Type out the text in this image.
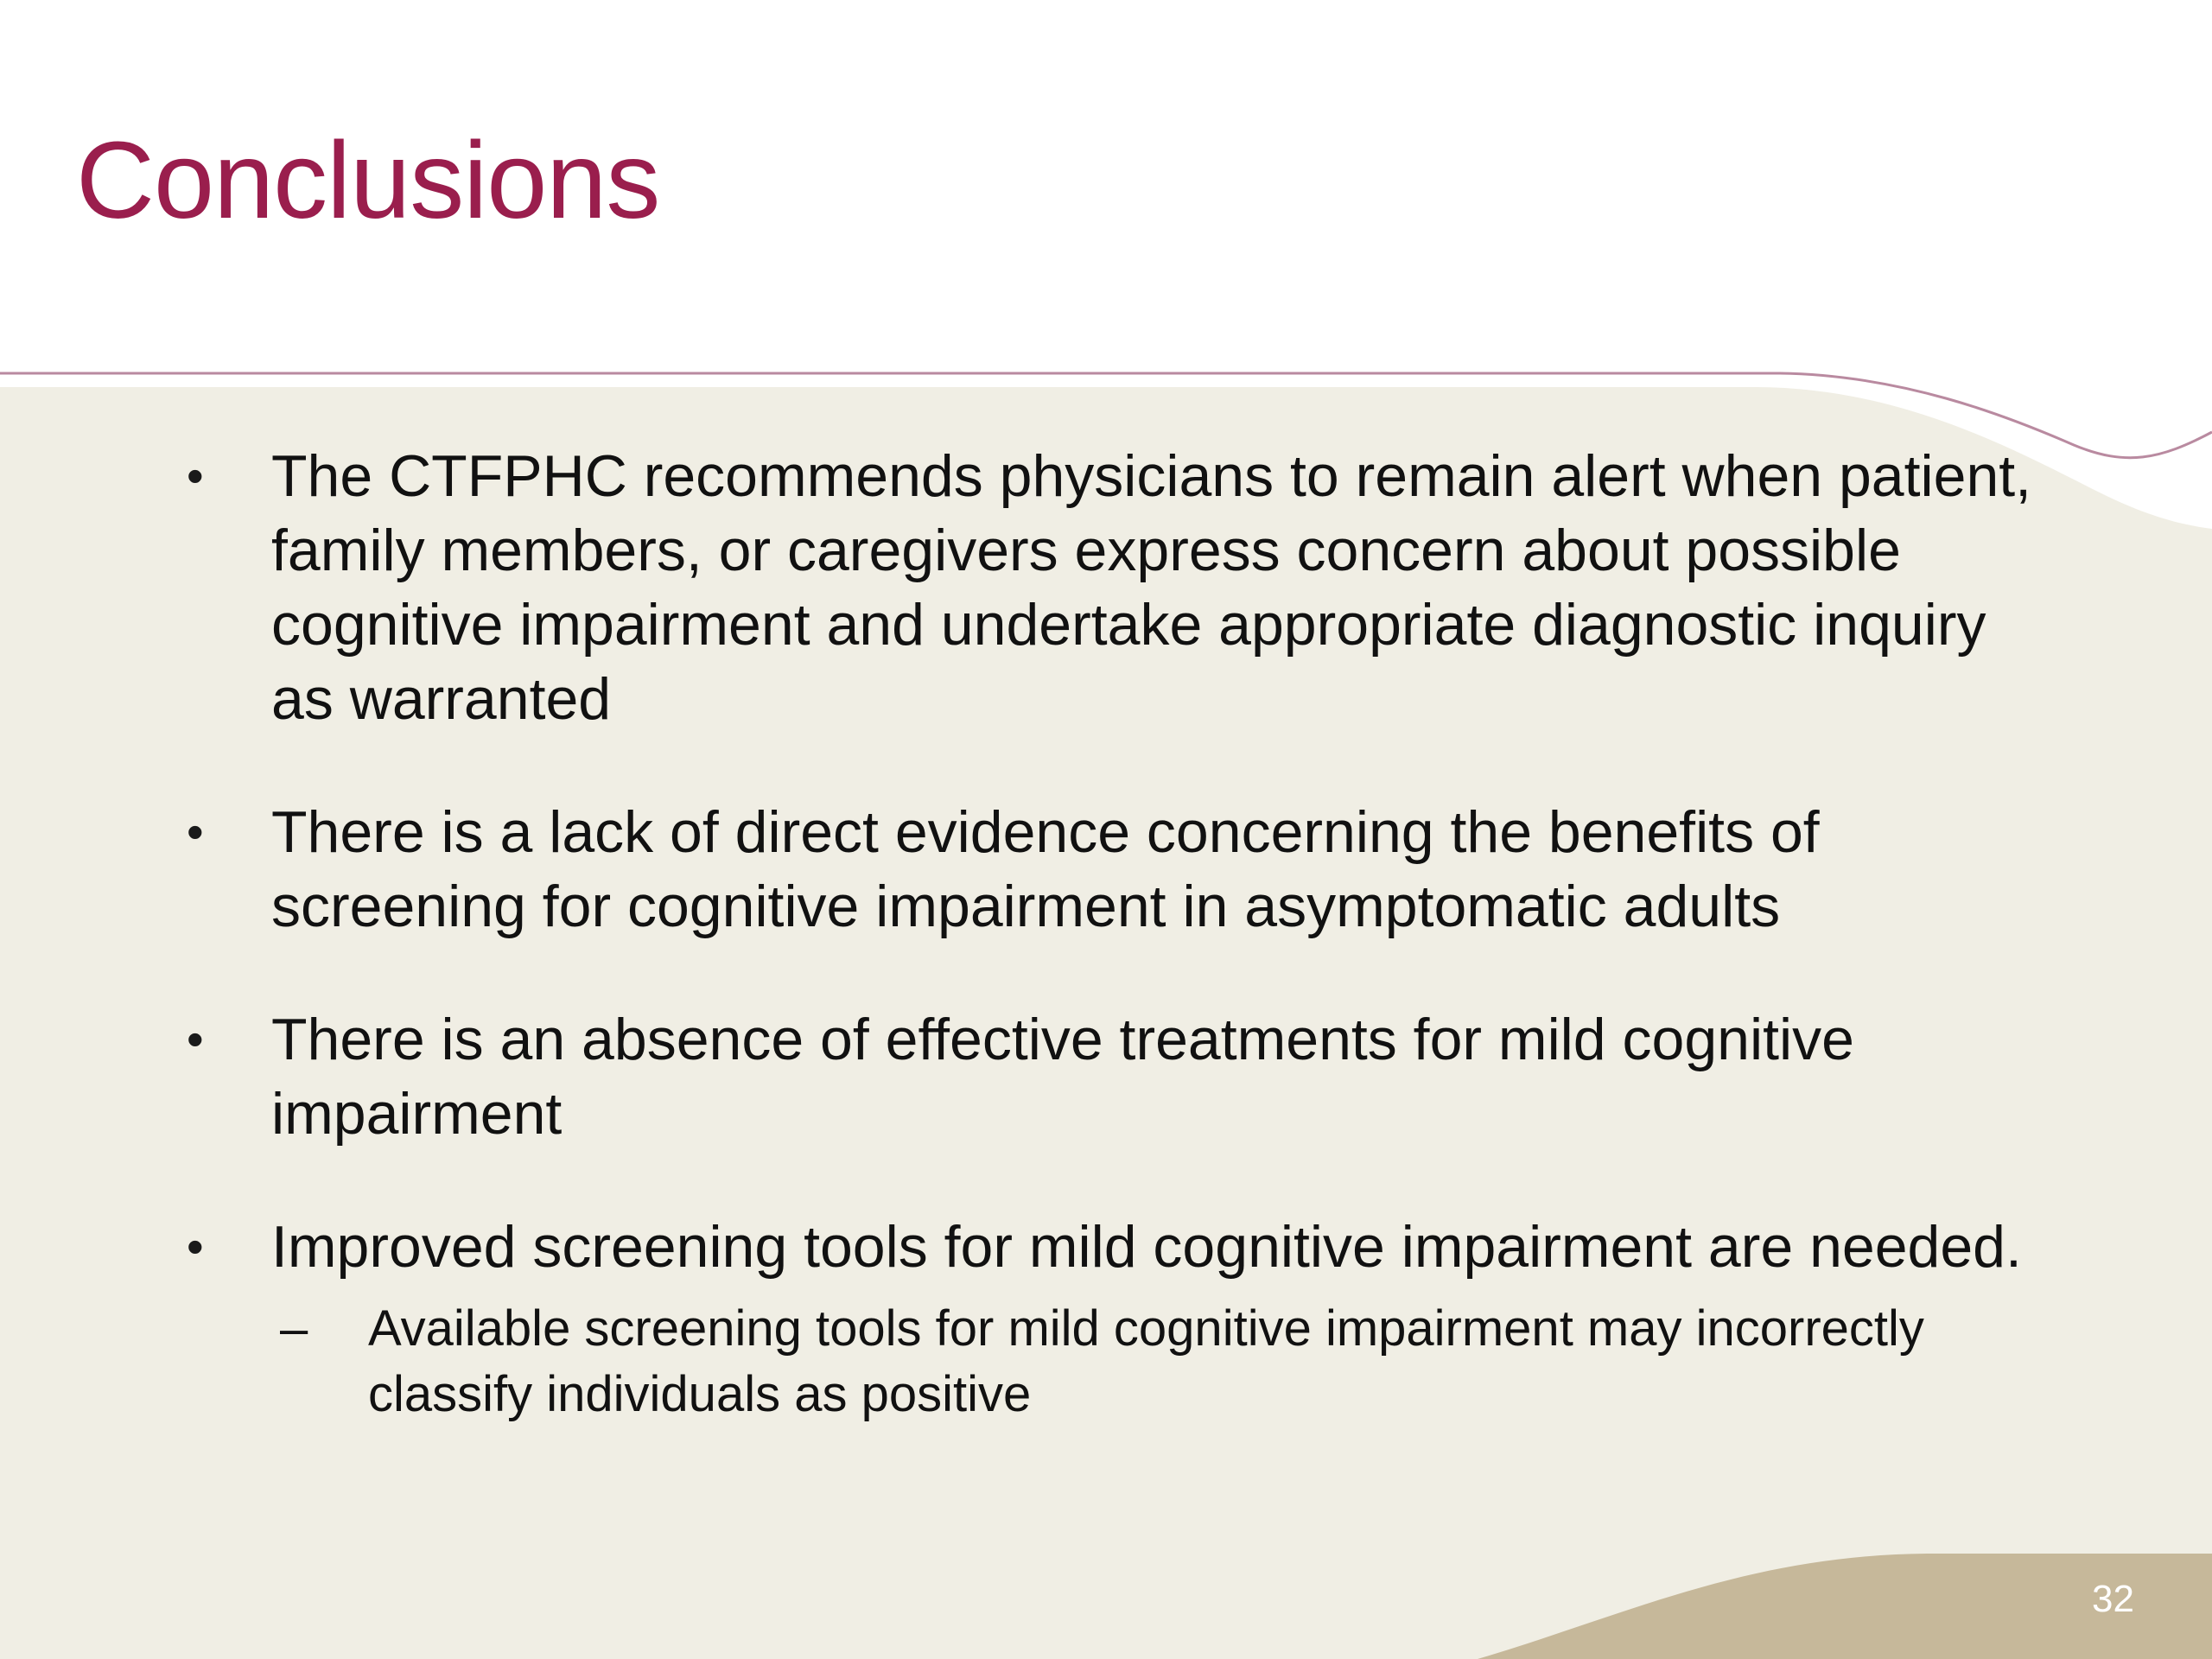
Conclusions
• The CTFPHC recommends physicians to remain alert when patient, family members, or caregivers express concern about possible cognitive impairment and undertake appropriate diagnostic inquiry as warranted
• There is a lack of direct evidence concerning the benefits of screening for cognitive impairment in asymptomatic adults
• There is an absence of effective treatments for mild cognitive impairment
• Improved screening tools for mild cognitive impairment are needed.
– Available screening tools for mild cognitive impairment may incorrectly classify individuals as positive
32
